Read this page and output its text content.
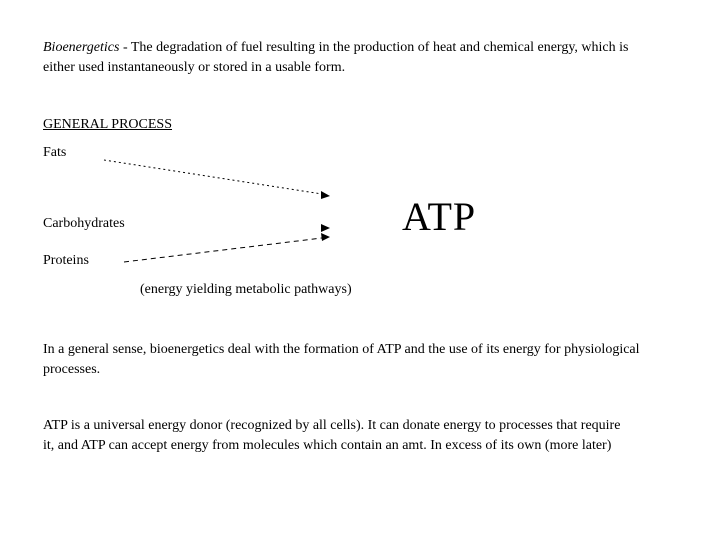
Bioenergetics - The degradation of fuel resulting in the production of heat and chemical energy, which is either used instantaneously or stored in a usable form.
GENERAL PROCESS
Fats
Carbohydrates
Proteins
ATP
(energy yielding metabolic pathways)
In a general sense, bioenergetics deal with the formation of ATP and the use of its energy for physiological processes.
ATP is a universal energy donor (recognized by all cells). It can donate energy to processes that require it, and ATP can accept energy from molecules which contain an amt. In excess of its own (more later)
